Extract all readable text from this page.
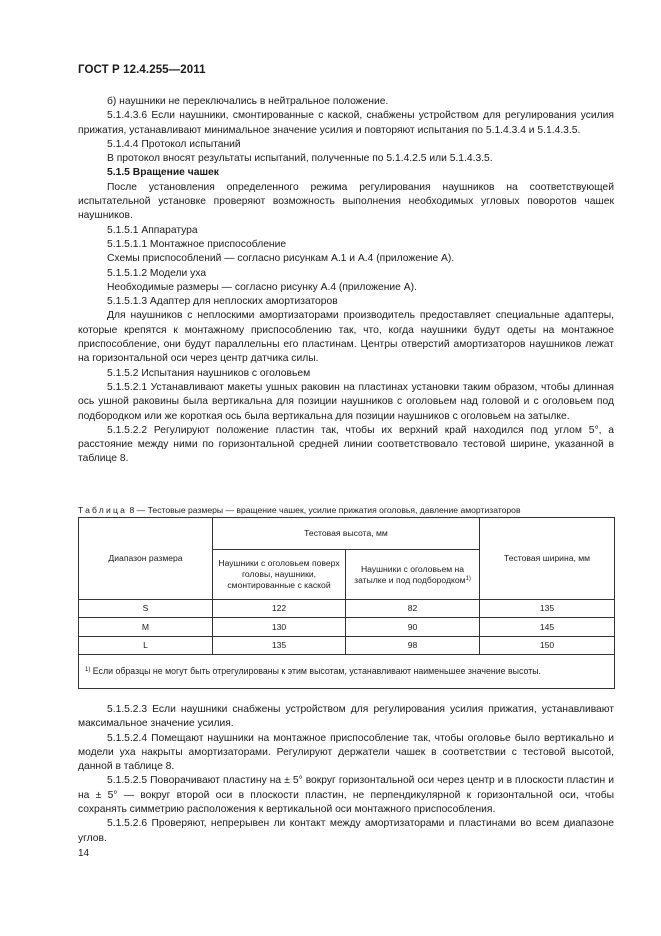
ГОСТ Р 12.4.255—2011

б) наушники не переключались в нейтральное положение.

5.1.4.3.6 Если наушники, смонтированные с каской, снабжены устройством для регулирования усилия прижатия, устанавливают минимальное значение усилия и повторяют испытания по 5.1.4.3.4 и 5.1.4.3.5.

5.1.4.4 Протокол испытаний

В протокол вносят результаты испытаний, полученные по 5.1.4.2.5 или 5.1.4.3.5.

5.1.5 Вращение чашек

После установления определенного режима регулирования наушников на соответствующей испытательной установке проверяют возможность выполнения необходимых угловых поворотов чашек наушников.

5.1.5.1 Аппаратура

5.1.5.1.1 Монтажное приспособление

Схемы приспособлений — согласно рисункам А.1 и А.4 (приложение А).

5.1.5.1.2 Модели уха

Необходимые размеры — согласно рисунку А.4 (приложение А).

5.1.5.1.3 Адаптер для неплоских амортизаторов

Для наушников с неплоскими амортизаторами производитель предоставляет специальные адаптеры, которые крепятся к монтажному приспособлению так, что, когда наушники будут одеты на монтажное приспособление, они будут параллельны его пластинам. Центры отверстий амортизаторов наушников лежат на горизонтальной оси через центр датчика силы.

5.1.5.2 Испытания наушников с оголовьем

5.1.5.2.1 Устанавливают макеты ушных раковин на пластинах установки таким образом, чтобы длинная ось ушной раковины была вертикальна для позиции наушников с оголовьем над головой и с оголовьем под подбородком или же короткая ось была вертикальна для позиции наушников с оголовьем на затылке.

5.1.5.2.2 Регулируют положение пластин так, чтобы их верхний край находился под углом 5°, а расстояние между ними по горизонтальной средней линии соответствовало тестовой ширине, указанной в таблице 8.

Таблица 8 — Тестовые размеры — вращение чашек, усилие прижатия оголовья, давление амортизаторов
Диапазон размера	Тестовая высота, мм		Тестовая ширина, мм
	Наушники с оголовьем поверх головы, наушники, смонтированные с каской	Наушники с оголовьем на затылке и под подбородком$^{1)}$
S	122	82	135
M	130	90	145
L	135	98	150
$^{1)}$ Если образцы не могут быть отрегулированы к этим высотам, устанавливают наименьшее значение высоты.			

5.1.5.2.3 Если наушники снабжены устройством для регулирования усилия прижатия, устанавливают максимальное значение усилия.

5.1.5.2.4 Помещают наушники на монтажное приспособление так, чтобы оголовье было вертикально и модели уха накрыты амортизаторами. Регулируют держатели чашек в соответствии с тестовой высотой, данной в таблице 8.

5.1.5.2.5 Поворачивают пластину на ± 5° вокруг горизонтальной оси через центр и в плоскости пластин и на ± 5° — вокруг второй оси в плоскости пластин, не перпендикулярной к горизонтальной оси, чтобы сохранять симметрию расположения к вертикальной оси монтажного приспособления.

5.1.5.2.6 Проверяют, непрерывен ли контакт между амортизаторами и пластинами во всем диапазоне углов.

14
